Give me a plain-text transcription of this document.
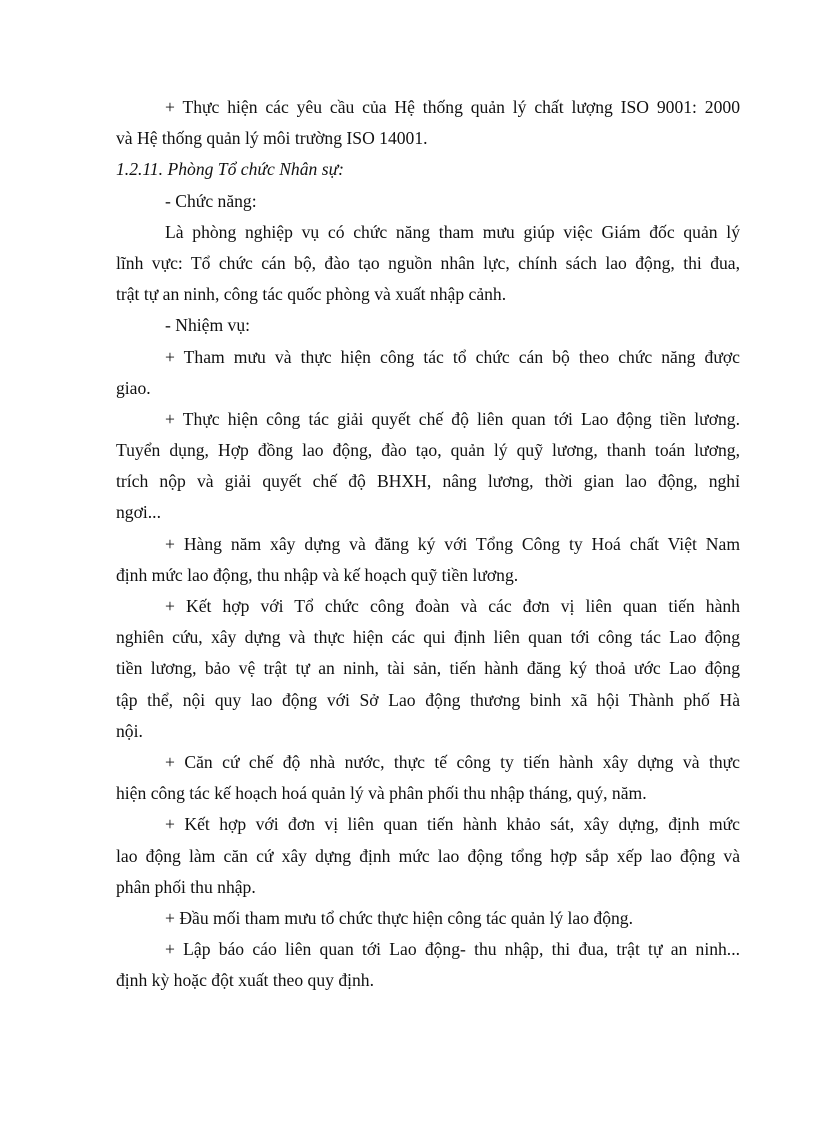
+ Thực hiện các yêu cầu của Hệ thống quản lý chất lượng ISO 9001: 2000
và Hệ thống quản lý môi trường ISO 14001.
1.2.11. Phòng Tổ chức Nhân sự:
- Chức năng:
Là phòng nghiệp vụ có chức năng tham mưu giúp việc Giám đốc quản lý
lĩnh vực: Tổ chức cán bộ, đào tạo nguồn nhân lực, chính sách lao động, thi đua,
trật tự an ninh, công tác quốc phòng và xuất nhập cảnh.
- Nhiệm vụ:
+ Tham mưu và thực hiện công tác tổ chức cán bộ theo chức năng được
giao.
+ Thực hiện công tác giải quyết chế độ liên quan tới Lao động tiền lương.
Tuyển dụng, Hợp đồng lao động, đào tạo, quản lý quỹ lương, thanh toán lương,
trích nộp và giải quyết chế độ BHXH, nâng lương, thời gian lao động, nghỉ
ngơi...
+ Hàng năm xây dựng và đăng ký với Tổng Công ty Hoá chất Việt Nam
định mức lao động, thu nhập và kế hoạch quỹ tiền lương.
+ Kết hợp với Tổ chức công đoàn và các đơn vị liên quan tiến hành
nghiên cứu, xây dựng và thực hiện các qui định liên quan tới công tác Lao động
tiền lương, bảo vệ trật tự an ninh, tài sản, tiến hành đăng ký thoả ước Lao động
tập thể, nội quy lao động với Sở Lao động thương binh xã hội Thành phố Hà
nội.
+ Căn cứ chế độ nhà nước, thực tế công ty tiến hành xây dựng và thực
hiện công tác kế hoạch hoá quản lý và phân phối thu nhập tháng, quý, năm.
+ Kết hợp với đơn vị liên quan tiến hành khảo sát, xây dựng, định mức
lao động làm căn cứ xây dựng định mức lao động tổng hợp sắp xếp lao động và
phân phối thu nhập.
+ Đầu mối tham mưu tổ chức thực hiện công tác quản lý lao động.
+ Lập báo cáo liên quan tới Lao động- thu nhập, thi đua, trật tự an ninh...
định kỳ hoặc đột xuất theo quy định.
